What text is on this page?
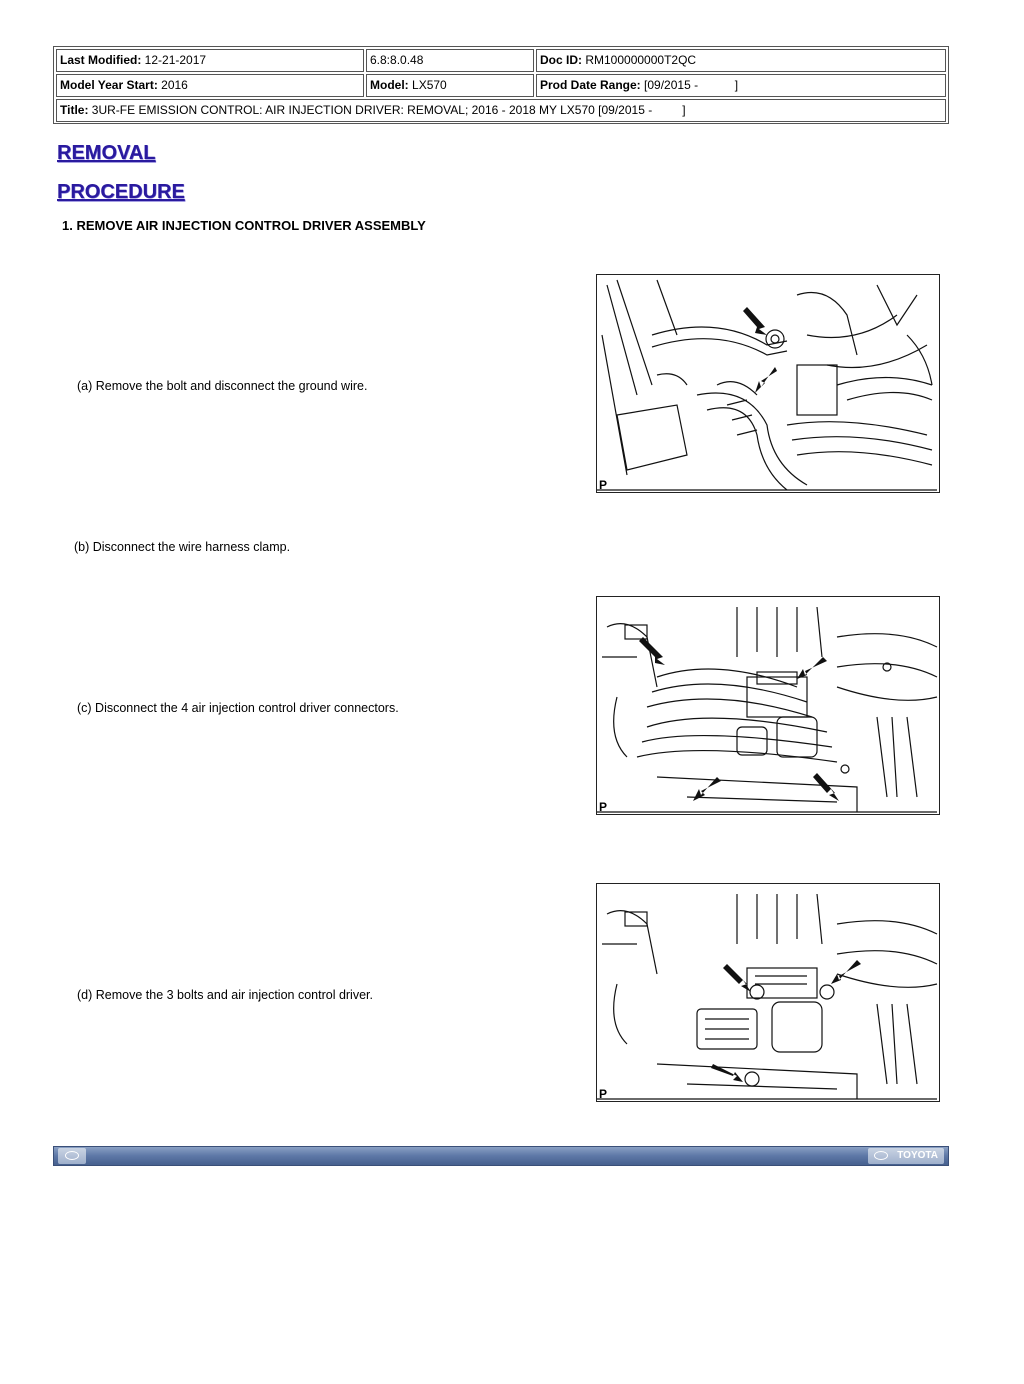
Last Modified: 12-21-2017	6.8:8.0.48	Doc ID: RM100000000T2QC
Model Year Start: 2016	Model: LX570	Prod Date Range: [09/2015 -           ]
Title: 3UR-FE EMISSION CONTROL: AIR INJECTION DRIVER: REMOVAL; 2016 - 2018 MY LX570 [09/2015 -         ]
REMOVAL
PROCEDURE
1. REMOVE AIR INJECTION CONTROL DRIVER ASSEMBLY
(a) Remove the bolt and disconnect the ground wire.
(b) Disconnect the wire harness clamp.
(c) Disconnect the 4 air injection control driver connectors.
(d) Remove the 3 bolts and air injection control driver.
P
P
P
TOYOTA
